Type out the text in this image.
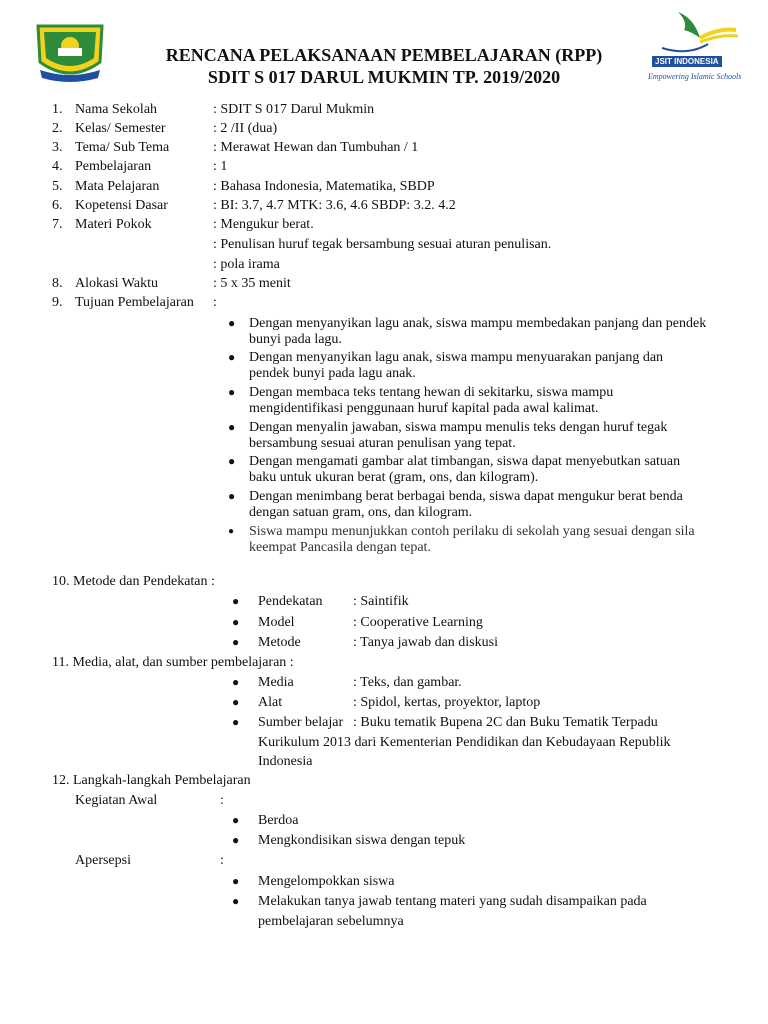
JSIT INDONESIA
Empowering Islamic Schools
RENCANA PELAKSANAAN PEMBELAJARAN (RPP)
SDIT S 017 DARUL MUKMIN TP. 2019/2020
1. Nama Sekolah	: SDIT S 017 Darul Mukmin
2. Kelas/ Semester	: 2 /II (dua)
3. Tema/ Sub Tema	: Merawat Hewan dan Tumbuhan / 1
4. Pembelajaran	: 1
5. Mata Pelajaran	: Bahasa Indonesia, Matematika, SBDP
6. Kopetensi Dasar	: BI: 3.7, 4.7 MTK: 3.6, 4.6 SBDP: 3.2. 4.2
7. Materi Pokok	: Mengukur berat.
: Penulisan huruf tegak bersambung sesuai aturan penulisan.
: pola irama
8. Alokasi Waktu	: 5 x 35 menit
9. Tujuan Pembelajaran :
● Dengan menyanyikan lagu anak, siswa mampu membedakan panjang dan pendek
bunyi pada lagu.
● Dengan menyanyikan lagu anak, siswa mampu menyuarakan panjang dan
pendek bunyi pada lagu anak.
● Dengan membaca teks tentang hewan di sekitarku, siswa mampu
mengidentifikasi penggunaan huruf kapital pada awal kalimat.
● Dengan menyalin jawaban, siswa mampu menulis teks dengan huruf tegak
bersambung sesuai aturan penulisan yang tepat.
● Dengan mengamati gambar alat timbangan, siswa dapat menyebutkan satuan
baku untuk ukuran berat (gram, ons, dan kilogram).
● Dengan menimbang berat berbagai benda, siswa dapat mengukur berat benda
dengan satuan gram, ons, dan kilogram.
● Siswa mampu menunjukkan contoh perilaku di sekolah yang sesuai dengan sila
keempat Pancasila dengan tepat.
10. Metode dan Pendekatan :
● Pendekatan : Saintifik
● Model	: Cooperative Learning
● Metode	: Tanya jawab dan diskusi
11. Media, alat, dan sumber pembelajaran :
● Media	: Teks, dan gambar.
● Alat	: Spidol, kertas, proyektor, laptop
● Sumber belajar : Buku tematik Bupena 2C dan Buku Tematik Terpadu
Kurikulum 2013 dari Kementerian Pendidikan dan Kebudayaan Republik
Indonesia
12. Langkah-langkah Pembelajaran
Kegiatan Awal	:
● Berdoa
● Mengkondisikan siswa dengan tepuk
Apersepsi	:
● Mengelompokkan siswa
● Melakukan tanya jawab tentang materi yang sudah disampaikan pada
pembelajaran sebelumnya
